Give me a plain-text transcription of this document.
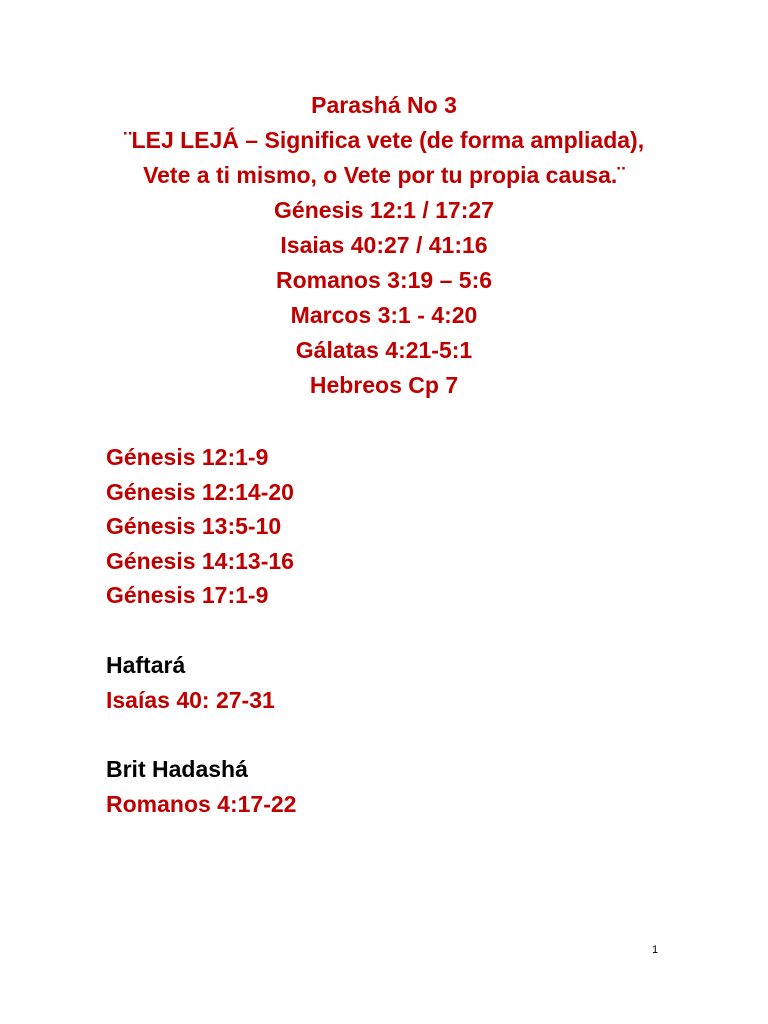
Parashá No 3
¨LEJ LEJÁ – Significa vete (de forma ampliada),
Vete a ti mismo, o Vete por tu propia causa.¨
Génesis 12:1 / 17:27
Isaias 40:27 / 41:16
Romanos 3:19 – 5:6
Marcos 3:1 - 4:20
Gálatas 4:21-5:1
Hebreos Cp 7
Génesis 12:1-9
Génesis 12:14-20
Génesis 13:5-10
Génesis 14:13-16
Génesis 17:1-9
Haftará
Isaías 40: 27-31
Brit Hadashá
Romanos 4:17-22
1
